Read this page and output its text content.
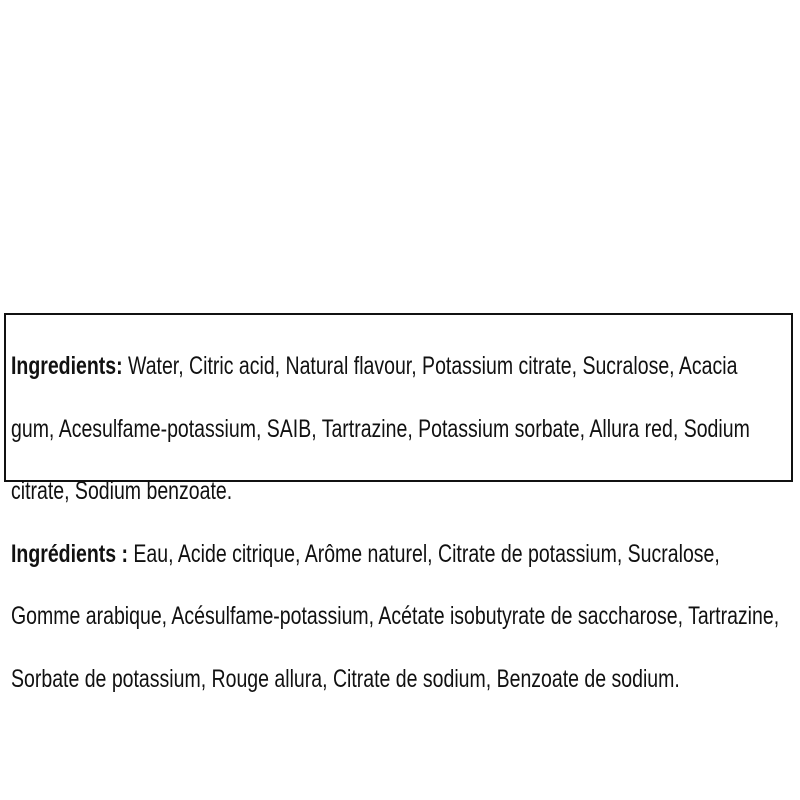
Ingredients: Water, Citric acid, Natural flavour, Potassium citrate, Sucralose, Acacia

gum, Acesulfame-potassium, SAIB, Tartrazine, Potassium sorbate, Allura red, Sodium

citrate, Sodium benzoate.

Ingrédients : Eau, Acide citrique, Arôme naturel, Citrate de potassium, Sucralose,

Gomme arabique, Acésulfame-potassium, Acétate isobutyrate de saccharose, Tartrazine,

Sorbate de potassium, Rouge allura, Citrate de sodium, Benzoate de sodium.
